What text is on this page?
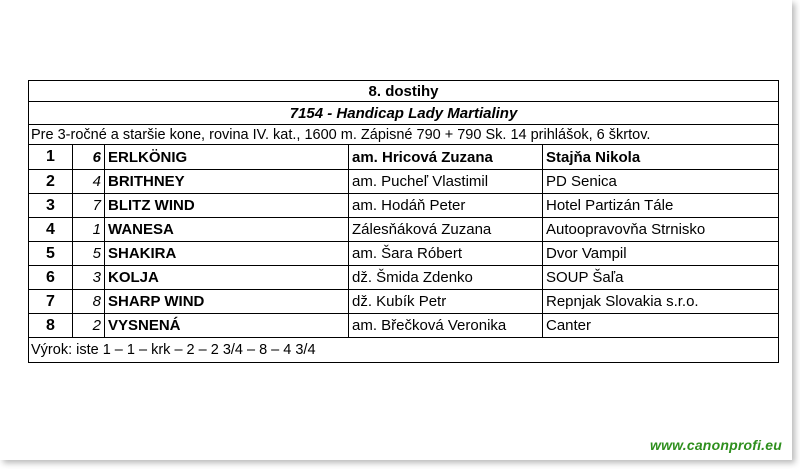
8. dostihy				
7154 - Handicap Lady Martialiny				
Pre 3-ročné a staršie kone, rovina IV. kat., 1600 m. Zápisné 790 + 790 Sk. 14 prihlášok, 6 škrtov.				
1	6	ERLKÖNIG	am. Hricová Zuzana	Stajňa Nikola
2	4	BRITHNEY	am. Pucheľ Vlastimil	PD Senica
3	7	BLITZ WIND	am. Hodáň Peter	Hotel Partizán Tále
4	1	WANESA	Zálesňáková Zuzana	Autoopravovňa Strnisko
5	5	SHAKIRA	am. Šara Róbert	Dvor Vampil
6	3	KOLJA	dž. Šmida Zdenko	SOUP Šaľa
7	8	SHARP WIND	dž. Kubík Petr	Repnjak Slovakia s.r.o.
8	2	VYSNENÁ	am. Břečková Veronika	Canter
Výrok: iste 1 – 1 – krk – 2 – 2 3/4 – 8 – 4 3/4				
www.canonprofi.eu
